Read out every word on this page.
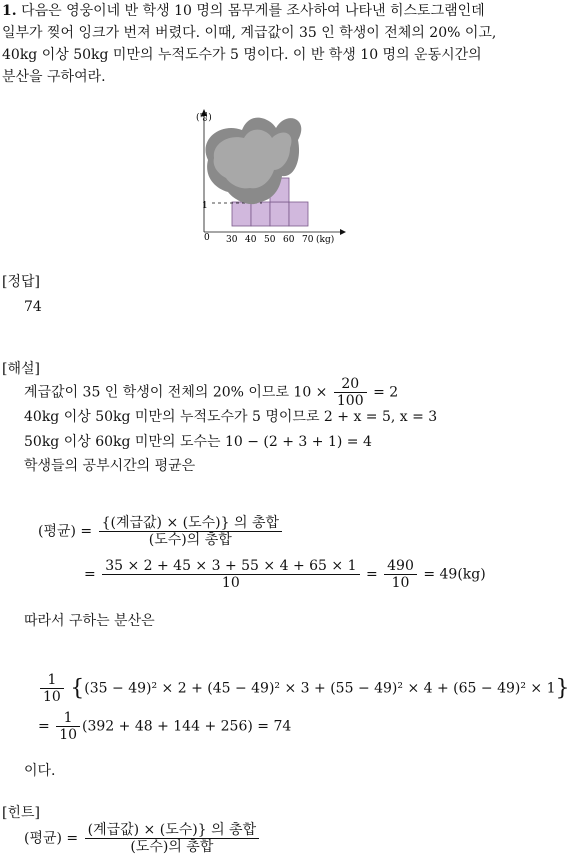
1. 다음은 영웅이네 반 학생 10 명의 몸무게를 조사하여 나타낸 히스토그램인데
일부가 찢어 잉크가 번져 버렸다. 이때, 계급값이 35 인 학생이 전체의 20% 이고,
40kg 이상 50kg 미만의 누적도수가 5 명이다. 이 반 학생 10 명의 운동시간의
분산을 구하여라.
(명)
1
0 30 40 50 60 70 (kg)
[정답]
74
[해설]
계급값이 35 인 학생이 전체의 20% 이므로 $10 \times \frac{20}{100} = 2$
40kg 이상 50kg 미만의 누적도수가 5 명이므로 2 + x = 5, x = 3
50kg 이상 60kg 미만의 도수는 10 − (2 + 3 + 1) = 4
학생들의 공부시간의 평균은
(평균) = $\frac{\text{\{(계급값) × (도수)\} 의 총합}}{\text{(도수)의 총합}}$
= $\frac{35 \times 2 + 45 \times 3 + 55 \times 4 + 65 \times 1}{10} = \frac{490}{10} = 49(kg)$
따라서 구하는 분산은
$\frac{1}{10} \{(35 - 49)^2 \times 2 + (45 - 49)^2 \times 3 + (55 - 49)^2 \times 4 + (65 - 49)^2 \times 1\}$
= $\frac{1}{10} (392 + 48 + 144 + 256) = 74$
이다.
[힌트]
(평균) = $\frac{\text{(계급값) × (도수)\} 의 총합}}{\text{(도수)의 총합}}$
